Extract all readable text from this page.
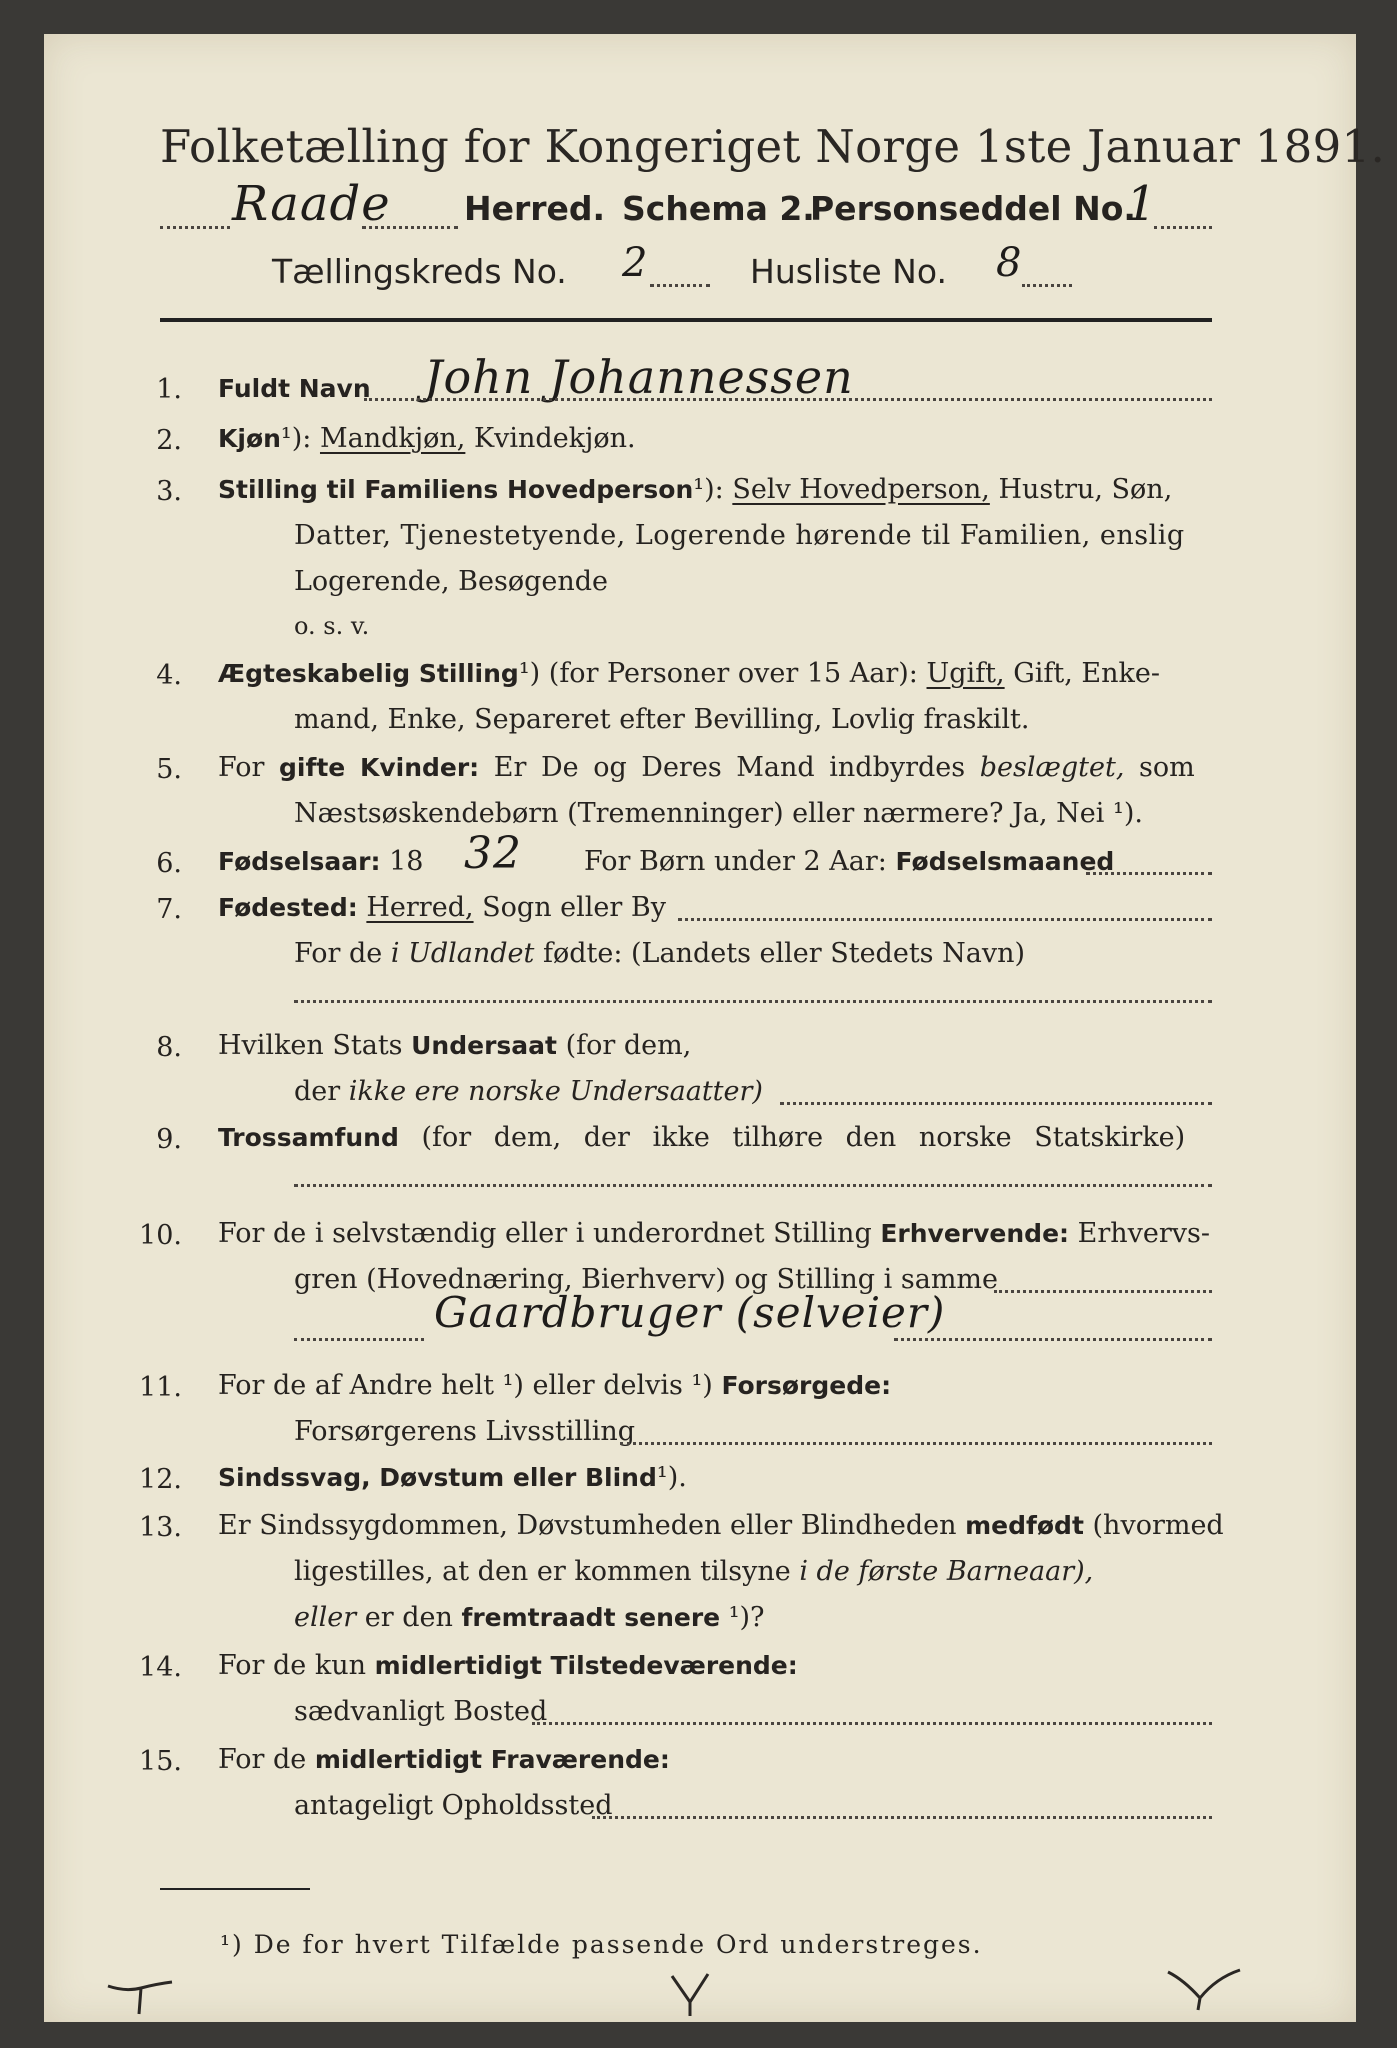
Folketælling for Kongeriget Norge 1ste Januar 1891.
Raade Herred. Schema 2.
Personseddel No.
1
Tællingskreds No. 2	Husliste No. 8
1. Fuldt Navn John Johannessen
2. Kjøn¹): Mandkjøn, Kvindekjøn.
3. Stilling til Familiens Hovedperson¹): Selv Hovedperson, Hustru, Søn,
Datter, Tjenestetyende, Logerende hørende til Familien, enslig
Logerende, Besøgende
o. s. v.
4. Ægteskabelig Stilling¹) (for Personer over 15 Aar): Ugift, Gift, Enke-
mand, Enke, Separeret efter Bevilling, Lovlig fraskilt.
5. For gifte Kvinder: Er De og Deres Mand indbyrdes beslægtet, som
Næstsøskendebørn (Tremenninger) eller nærmere? Ja, Nei ¹).
6. Fødselsaar: 18 32 For Børn under 2 Aar: Fødselsmaaned
7. Fødested: Herred, Sogn eller By
For de i Udlandet fødte: (Landets eller Stedets Navn)
8. Hvilken Stats Undersaat (for dem,
der ikke ere norske Undersaatter)
9. Trossamfund (for dem, der ikke tilhøre den norske Statskirke)
10. For de i selvstændig eller i underordnet Stilling Erhvervende: Erhvervs-
gren (Hovednæring, Bierhverv) og Stilling i samme
Gaardbruger (selveier)
11. For de af Andre helt ¹) eller delvis ¹) Forsørgede:
Forsørgerens Livsstilling
12. Sindssvag, Døvstum eller Blind¹).
13. Er Sindssygdommen, Døvstumheden eller Blindheden medfødt (hvormed
ligestilles, at den er kommen tilsyne i de første Barneaar),
eller er den fremtraadt senere ¹)?
14. For de kun midlertidigt Tilstedeværende:
sædvanligt Bosted
15. For de midlertidigt Fraværende:
antageligt Opholdssted
¹) De for hvert Tilfælde passende Ord understreges.
